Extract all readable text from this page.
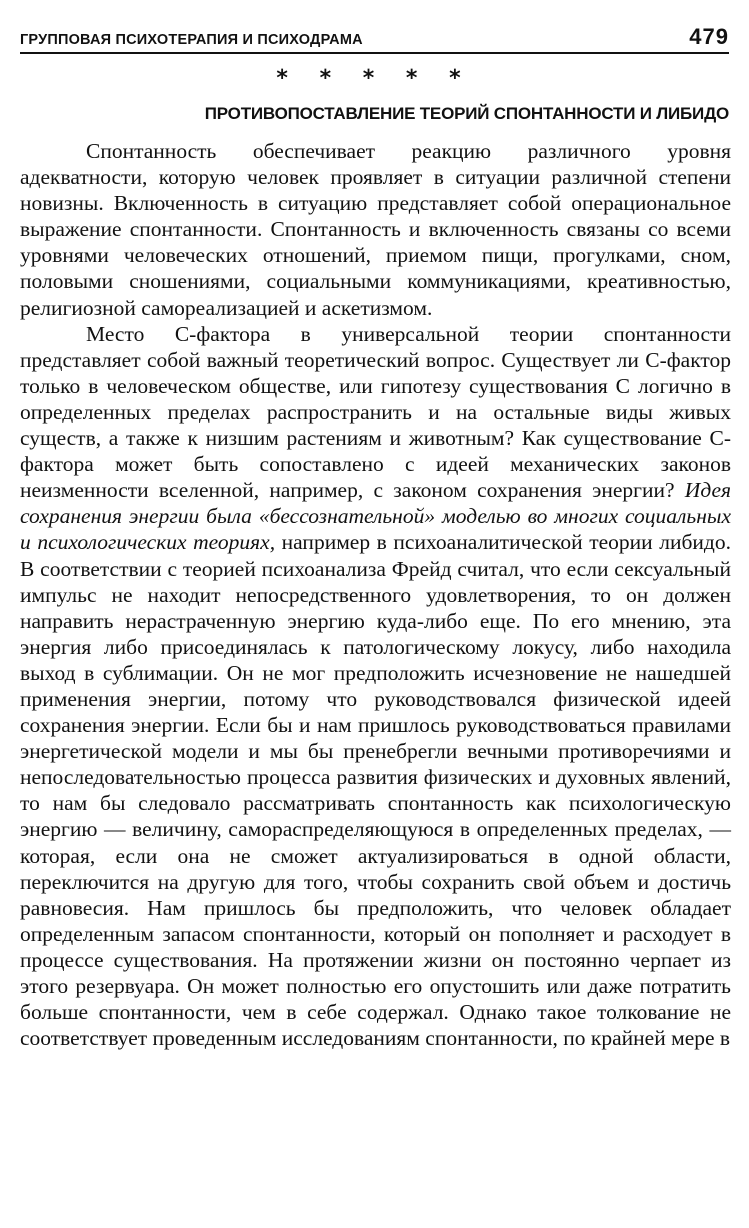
ГРУППОВАЯ ПСИХОТЕРАПИЯ И ПСИХОДРАМА	479
* * * * *
ПРОТИВОПОСТАВЛЕНИЕ ТЕОРИЙ СПОНТАННОСТИ И ЛИБИДО

Спонтанность обеспечивает реакцию различного уровня адекватности, которую человек проявляет в ситуации различной степени новизны. Включенность в ситуацию представляет собой операциональное выражение спонтанности. Спонтанность и включенность связаны со всеми уровнями человеческих отношений, приемом пищи, прогулками, сном, половыми сношениями, социальными коммуникациями, креативностью, религиозной самореализацией и аскетизмом.

Место С-фактора в универсальной теории спонтанности представляет собой важный теоретический вопрос. Существует ли С-фактор только в человеческом обществе, или гипотезу существования С логично в определенных пределах распространить и на остальные виды живых существ, а также к низшим растениям и животным? Как существование С-фактора может быть сопоставлено с идеей механических законов неизменности вселенной, например, с законом сохранения энергии? Идея сохранения энергии была «бессознательной» моделью во многих социальных и психологических теориях, например в психоаналитической теории либидо. В соответствии с теорией психоанализа Фрейд считал, что если сексуальный импульс не находит непосредственного удовлетворения, то он должен направить нерастраченную энергию куда-либо еще. По его мнению, эта энергия либо присоединялась к патологическому локусу, либо находила выход в сублимации. Он не мог предположить исчезновение не нашедшей применения энергии, потому что руководствовался физической идеей сохранения энергии. Если бы и нам пришлось руководствоваться правилами энергетической модели и мы бы пренебрегли вечными противоречиями и непоследовательностью процесса развития физических и духовных явлений, то нам бы следовало рассматривать спонтанность как психологическую энергию — величину, самораспределяющуюся в определенных пределах, — которая, если она не сможет актуализироваться в одной области, переключится на другую для того, чтобы сохранить свой объем и достичь равновесия. Нам пришлось бы предположить, что человек обладает определенным запасом спонтанности, который он пополняет и расходует в процессе существования. На протяжении жизни он постоянно черпает из этого резервуара. Он может полностью его опустошить или даже потратить больше спонтанности, чем в себе содержал. Однако такое толкование не соответствует проведенным исследованиям спонтанности, по крайней мере в
